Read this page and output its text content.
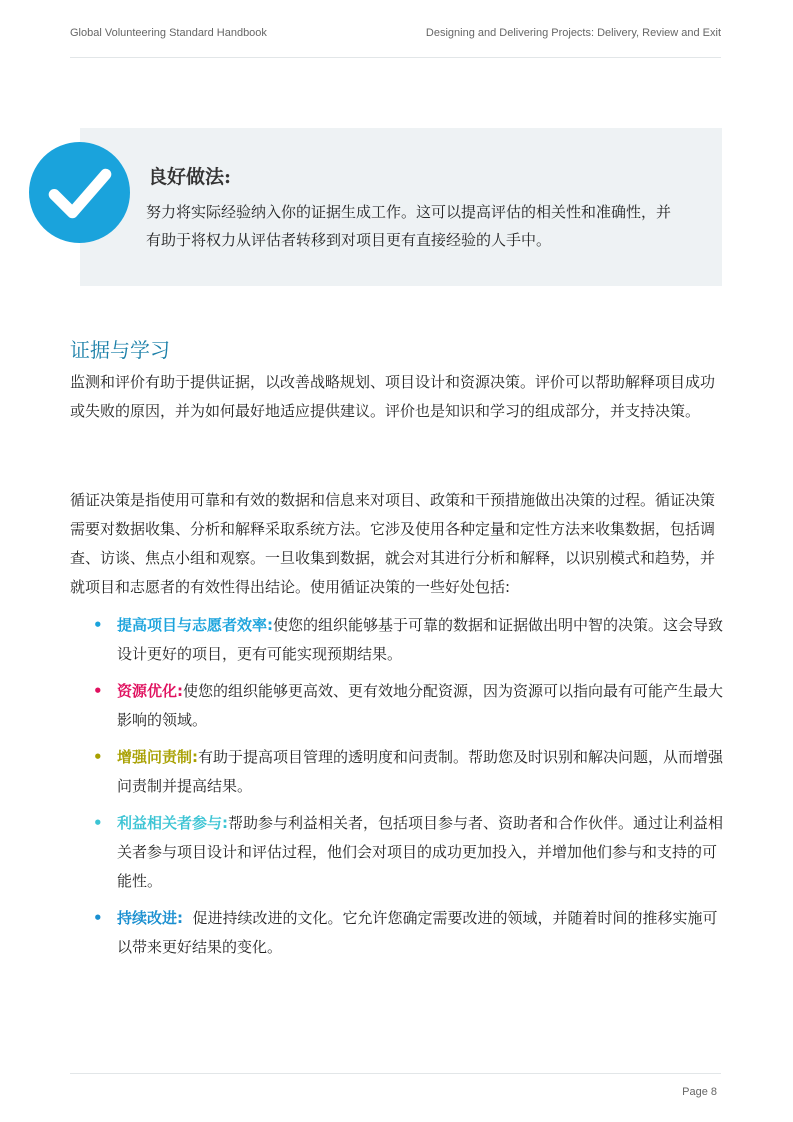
Global Volunteering Standard Handbook	Designing and Delivering Projects: Delivery, Review and Exit
良好做法:
努力将实际经验纳入你的证据生成工作。这可以提高评估的相关性和准确性，并有助于将权力从评估者转移到对项目更有直接经验的人手中。
证据与学习

监测和评价有助于提供证据，以改善战略规划、项目设计和资源决策。评价可以帮助解释项目成功或失败的原因，并为如何最好地适应提供建议。评价也是知识和学习的组成部分，并支持决策。

循证决策是指使用可靠和有效的数据和信息来对项目、政策和干预措施做出决策的过程。循证决策需要对数据收集、分析和解释采取系统方法。它涉及使用各种定量和定性方法来收集数据，包括调查、访谈、焦点小组和观察。一旦收集到数据，就会对其进行分析和解释，以识别模式和趋势，并就项目和志愿者的有效性得出结论。使用循证决策的一些好处包括:

• 提高项目与志愿者效率:使您的组织能够基于可靠的数据和证据做出明中智的决策。这会导致设计更好的项目，更有可能实现预期结果。
• 资源优化:使您的组织能够更高效、更有效地分配资源，因为资源可以指向最有可能产生最大影响的领域。
• 增强问责制:有助于提高项目管理的透明度和问责制。帮助您及时识别和解决问题，从而增强问责制并提高结果。
• 利益相关者参与:帮助参与利益相关者，包括项目参与者、资助者和合作伙伴。通过让利益相关者参与项目设计和评估过程，他们会对项目的成功更加投入，并增加他们参与和支持的可能性。
• 持续改进:  促进持续改进的文化。它允许您确定需要改进的领域，并随着时间的推移实施可以带来更好结果的变化。
Page 8
